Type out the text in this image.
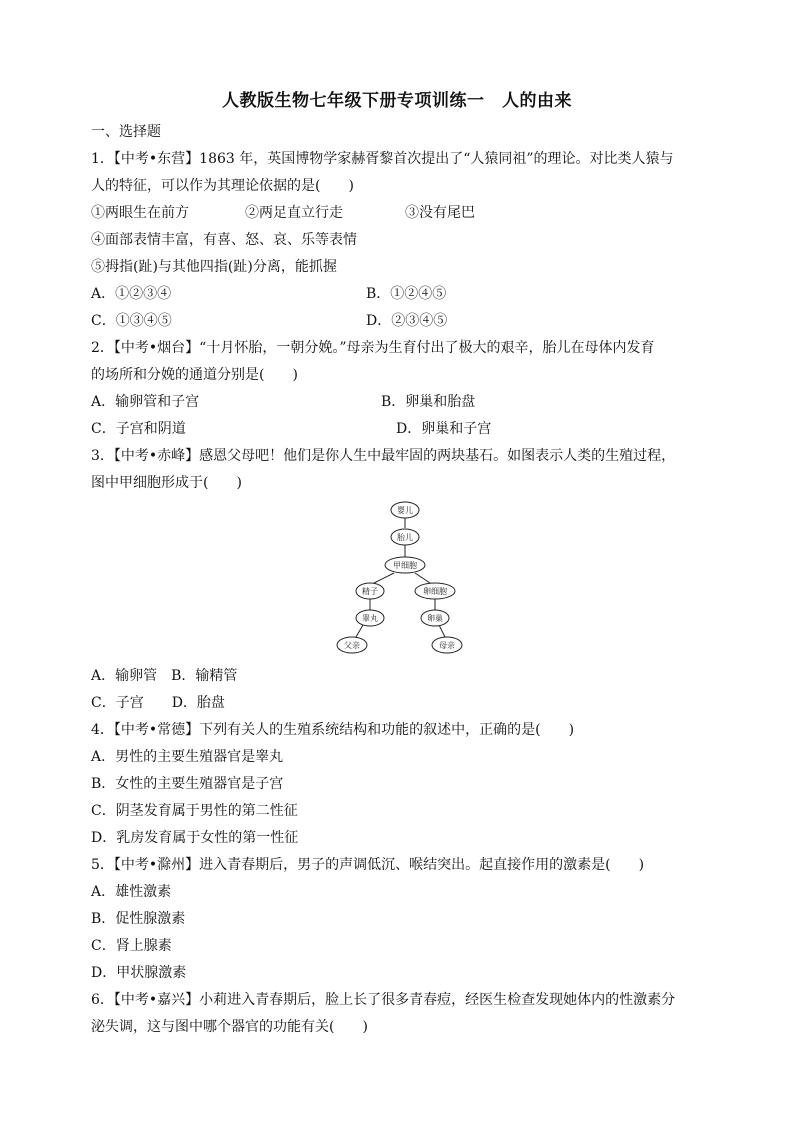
人教版生物七年级下册专项训练一　人的由来
一、选择题
1．【中考•东营】1863 年，英国博物学家赫胥黎首次提出了“人猿同祖”的理论。对比类人猿与
人的特征，可以作为其理论依据的是(　　)
①两眼生在前方	②两足直立行走	③没有尾巴
④面部表情丰富，有喜、怒、哀、乐等表情
⑤拇指(趾)与其他四指(趾)分离，能抓握
A．①②③④	B．①②④⑤
C．①③④⑤	D．②③④⑤
2．【中考•烟台】“十月怀胎，一朝分娩。”母亲为生育付出了极大的艰辛，胎儿在母体内发育
的场所和分娩的通道分别是(　　)
A．输卵管和子宫	B．卵巢和胎盘
C．子宫和阴道	D．卵巢和子宫
3．【中考•赤峰】感恩父母吧！他们是你人生中最牢固的两块基石。如图表示人类的生殖过程，
图中甲细胞形成于(　　)
婴儿
胎儿
甲细胞
精子	卵细胞
睾丸	卵巢
父亲	母亲
A．输卵管　B．输精管
C．子宫　　D．胎盘
4．【中考•常德】下列有关人的生殖系统结构和功能的叙述中，正确的是(　　)
A．男性的主要生殖器官是睾丸
B．女性的主要生殖器官是子宫
C．阴茎发育属于男性的第二性征
D．乳房发育属于女性的第一性征
5．【中考•滁州】进入青春期后，男子的声调低沉、喉结突出。起直接作用的激素是(　　)
A．雄性激素
B．促性腺激素
C．肾上腺素
D．甲状腺激素
6．【中考•嘉兴】小莉进入青春期后，脸上长了很多青春痘，经医生检查发现她体内的性激素分
泌失调，这与图中哪个器官的功能有关(　　)
